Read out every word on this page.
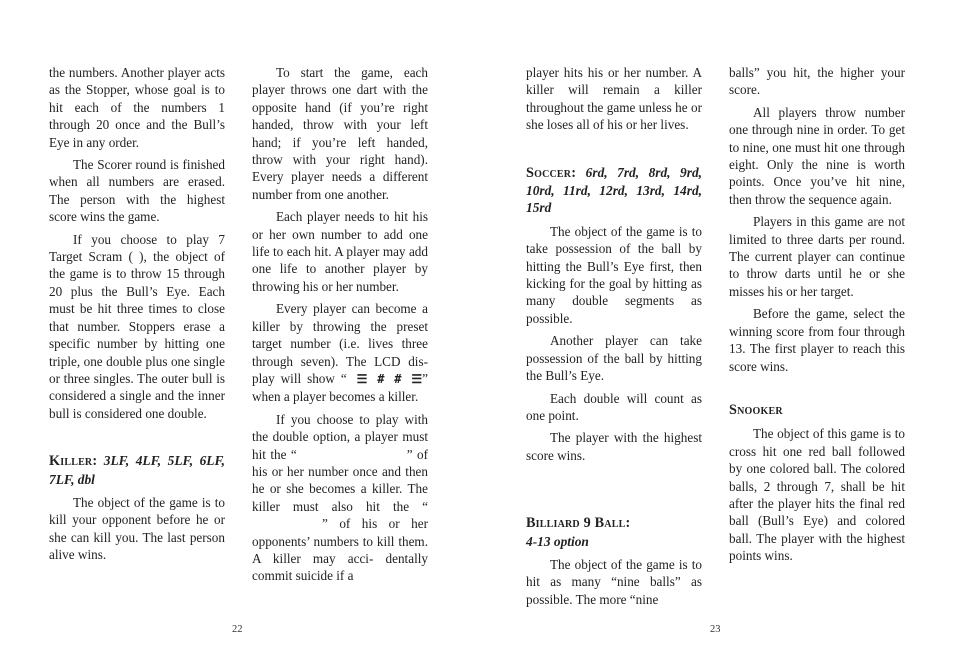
the numbers. Another player acts as the Stopper, whose goal is to hit each of the numbers 1 through 20 once and the Bull’s Eye in any order.

The Scorer round is finished when all numbers are erased. The person with the highest score wins the game.

If you choose to play 7 Target Scram ( ), the object of the game is to throw 15 through 20 plus the Bull’s Eye. Each must be hit three times to close that number. Stoppers erase a specific number by hitting one triple, one double plus one single or three singles. The outer bull is considered a single and the inner bull is considered one double.

Killer: 3LF, 4LF, 5LF, 6LF, 7LF, dbl

The object of the game is to kill your opponent before he or she can kill you. The last person alive wins.

To start the game, each player throws one dart with the opposite hand (if you’re right handed, throw with your left hand; if you’re left handed, throw with your right hand). Every player needs a different number from one another.

Each player needs to hit his or her own number to add one life to each hit. A player may add one life to another player by throwing his or her number.

Every player can become a killer by throwing the preset target number (i.e. lives three through seven). The LCD dis- play will show “ ☰ # # ☰” when a player becomes a killer.

If you choose to play with the double option, a player must hit the “	” of his or her number once and then he or she becomes a killer. The killer must also hit the “” of his or her opponents’ numbers to kill them. A killer may acci- dentally commit suicide if a

player hits his or her number. A killer will remain a killer throughout the game unless he or she loses all of his or her lives.

Soccer: 6rd, 7rd, 8rd, 9rd, 10rd, 11rd, 12rd, 13rd, 14rd, 15rd

The object of the game is to take possession of the ball by hitting the Bull’s Eye first, then kicking for the goal by hitting as many double segments as possible.

Another player can take possession of the ball by hitting the Bull’s Eye.

Each double will count as one point.

The player with the highest score wins.

Billiard 9 Ball:
4-13 option

The object of the game is to hit as many “nine balls” as possible. The more “nine

balls” you hit, the higher your score.

All players throw number one through nine in order. To get to nine, one must hit one through eight. Only the nine is worth points. Once you’ve hit nine, then throw the sequence again.

Players in this game are not limited to three darts per round. The current player can continue to throw darts until he or she misses his or her target.

Before the game, select the winning score from four through 13. The first player to reach this score wins.

Snooker

The object of this game is to cross hit one red ball followed by one colored ball. The colored balls, 2 through 7, shall be hit after the player hits the final red ball (Bull’s Eye) and colored ball. The player with the highest points wins.

22	23
